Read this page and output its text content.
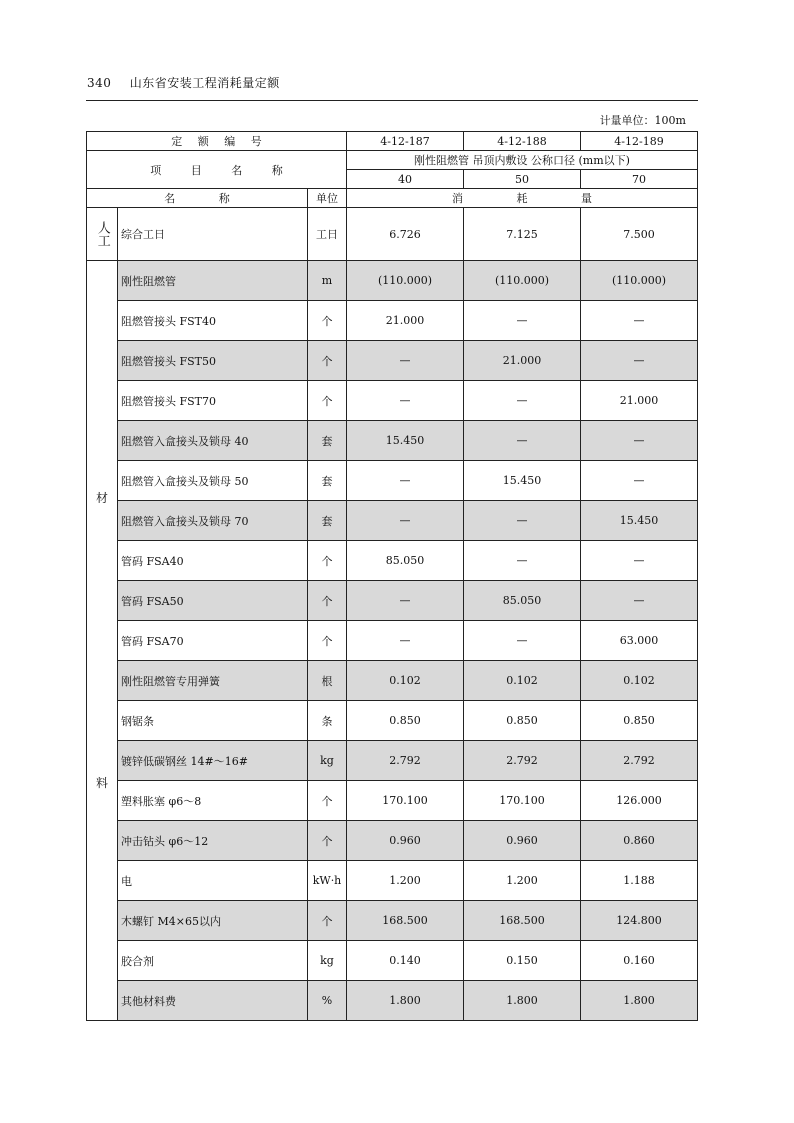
340 山东省安装工程消耗量定额
计量单位：100m
定 额 编 号			4-12-187	4-12-188	4-12-189
项 目 名 称			刚性阻燃管 吊顶内敷设 公称口径 (mm以下)		
			40	50	70
名 称		单位	消 耗 量		
人工	综合工日	工日	6.726	7.125	7.500

材
料	刚性阻燃管	m	(110.000)	(110.000)	(110.000)
	阻燃管接头 FST40	个	21.000	—	—
	阻燃管接头 FST50	个	—	21.000	—
	阻燃管接头 FST70	个	—	—	21.000
	阻燃管入盒接头及锁母 40	套	15.450	—	—
	阻燃管入盒接头及锁母 50	套	—	15.450	—
	阻燃管入盒接头及锁母 70	套	—	—	15.450
	管码 FSA40	个	85.050	—	—
	管码 FSA50	个	—	85.050	—
	管码 FSA70	个	—	—	63.000
	刚性阻燃管专用弹簧	根	0.102	0.102	0.102
	钢锯条	条	0.850	0.850	0.850
	镀锌低碳钢丝 14#～16#	kg	2.792	2.792	2.792
	塑料胀塞 φ6～8	个	170.100	170.100	126.000
	冲击钻头 φ6～12	个	0.960	0.960	0.860
	电	kW·h	1.200	1.200	1.188
	木螺钉 M4×65以内	个	168.500	168.500	124.800
	胶合剂	kg	0.140	0.150	0.160
	其他材料费	%	1.800	1.800	1.800
